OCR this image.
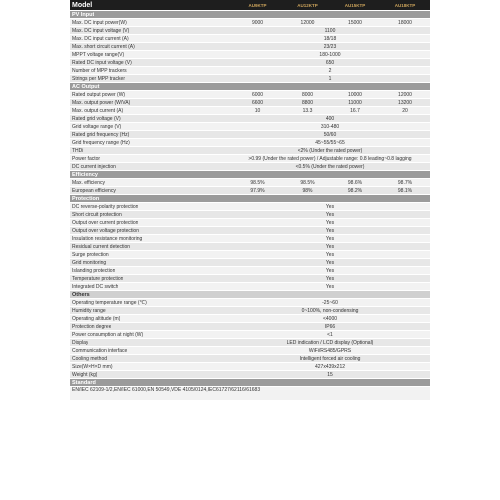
Model	AU9KTP	AU12KTP	AU15KTP	AU18KTP
PV Input
Max. DC input power(W)	9000	12000	15000	18000
Max. DC input voltage (V)	1100
Max. DC input current (A)	18/18
Max. short circuit current (A)	23/23
MPPT voltage range(V)	180-1000
Rated DC input voltage (V)	650
Number of MPP trackers	2
Strings per MPP tracker	1
AC Output
Rated output power (W)	6000	8000	10000	12000
Max. output power (W/VA)	6600	8800	11000	13200
Max. output current (A)	10	13.3	16.7	20
Rated grid voltage (V)	400
Grid voltage range (V)	310-480
Rated grid frequency (Hz)	50/60
Grid frequency range (Hz)	45~55/55~65
THDi	<2% (Under the rated power)
Power factor	>0.99 (Under the rated power) / Adjustable range: 0.8 leading~0.8 lagging
DC current injection	<0.5% (Under the rated power)
Efficiency
Max. efficiency	98.5%	98.5%	98.6%	98.7%
European efficiency	97.9%	98%	98.2%	98.1%
Protection
DC reverse-polarity protection	Yes
Short circuit protection	Yes
Output over current protection	Yes
Output over voltage protection	Yes
Insulation resistance monitoring	Yes
Residual current detection	Yes
Surge protection	Yes
Grid monitoring	Yes
Islanding protection	Yes
Temperature protection	Yes
Integrated DC switch	Yes
Others
Operating temperature range (℃)	-25~60
Humidity range	0~100%, non-condensing
Operating altitude (m)	<4000
Protection degree	IP66
Power consumption at night (W)	<1
Display	LED indication / LCD display (Optional)
Communication interface	WiFi/RS485/GPRS
Cooling method	Intelligent forced air cooling
Size(W×H×D mm)	427x439x212
Weight (kg)	15
Standard
EN/IEC 62109-1/2,EN/IEC 61000,EN 50549,VDE 4105/0124,IEC61727/62116/61683
